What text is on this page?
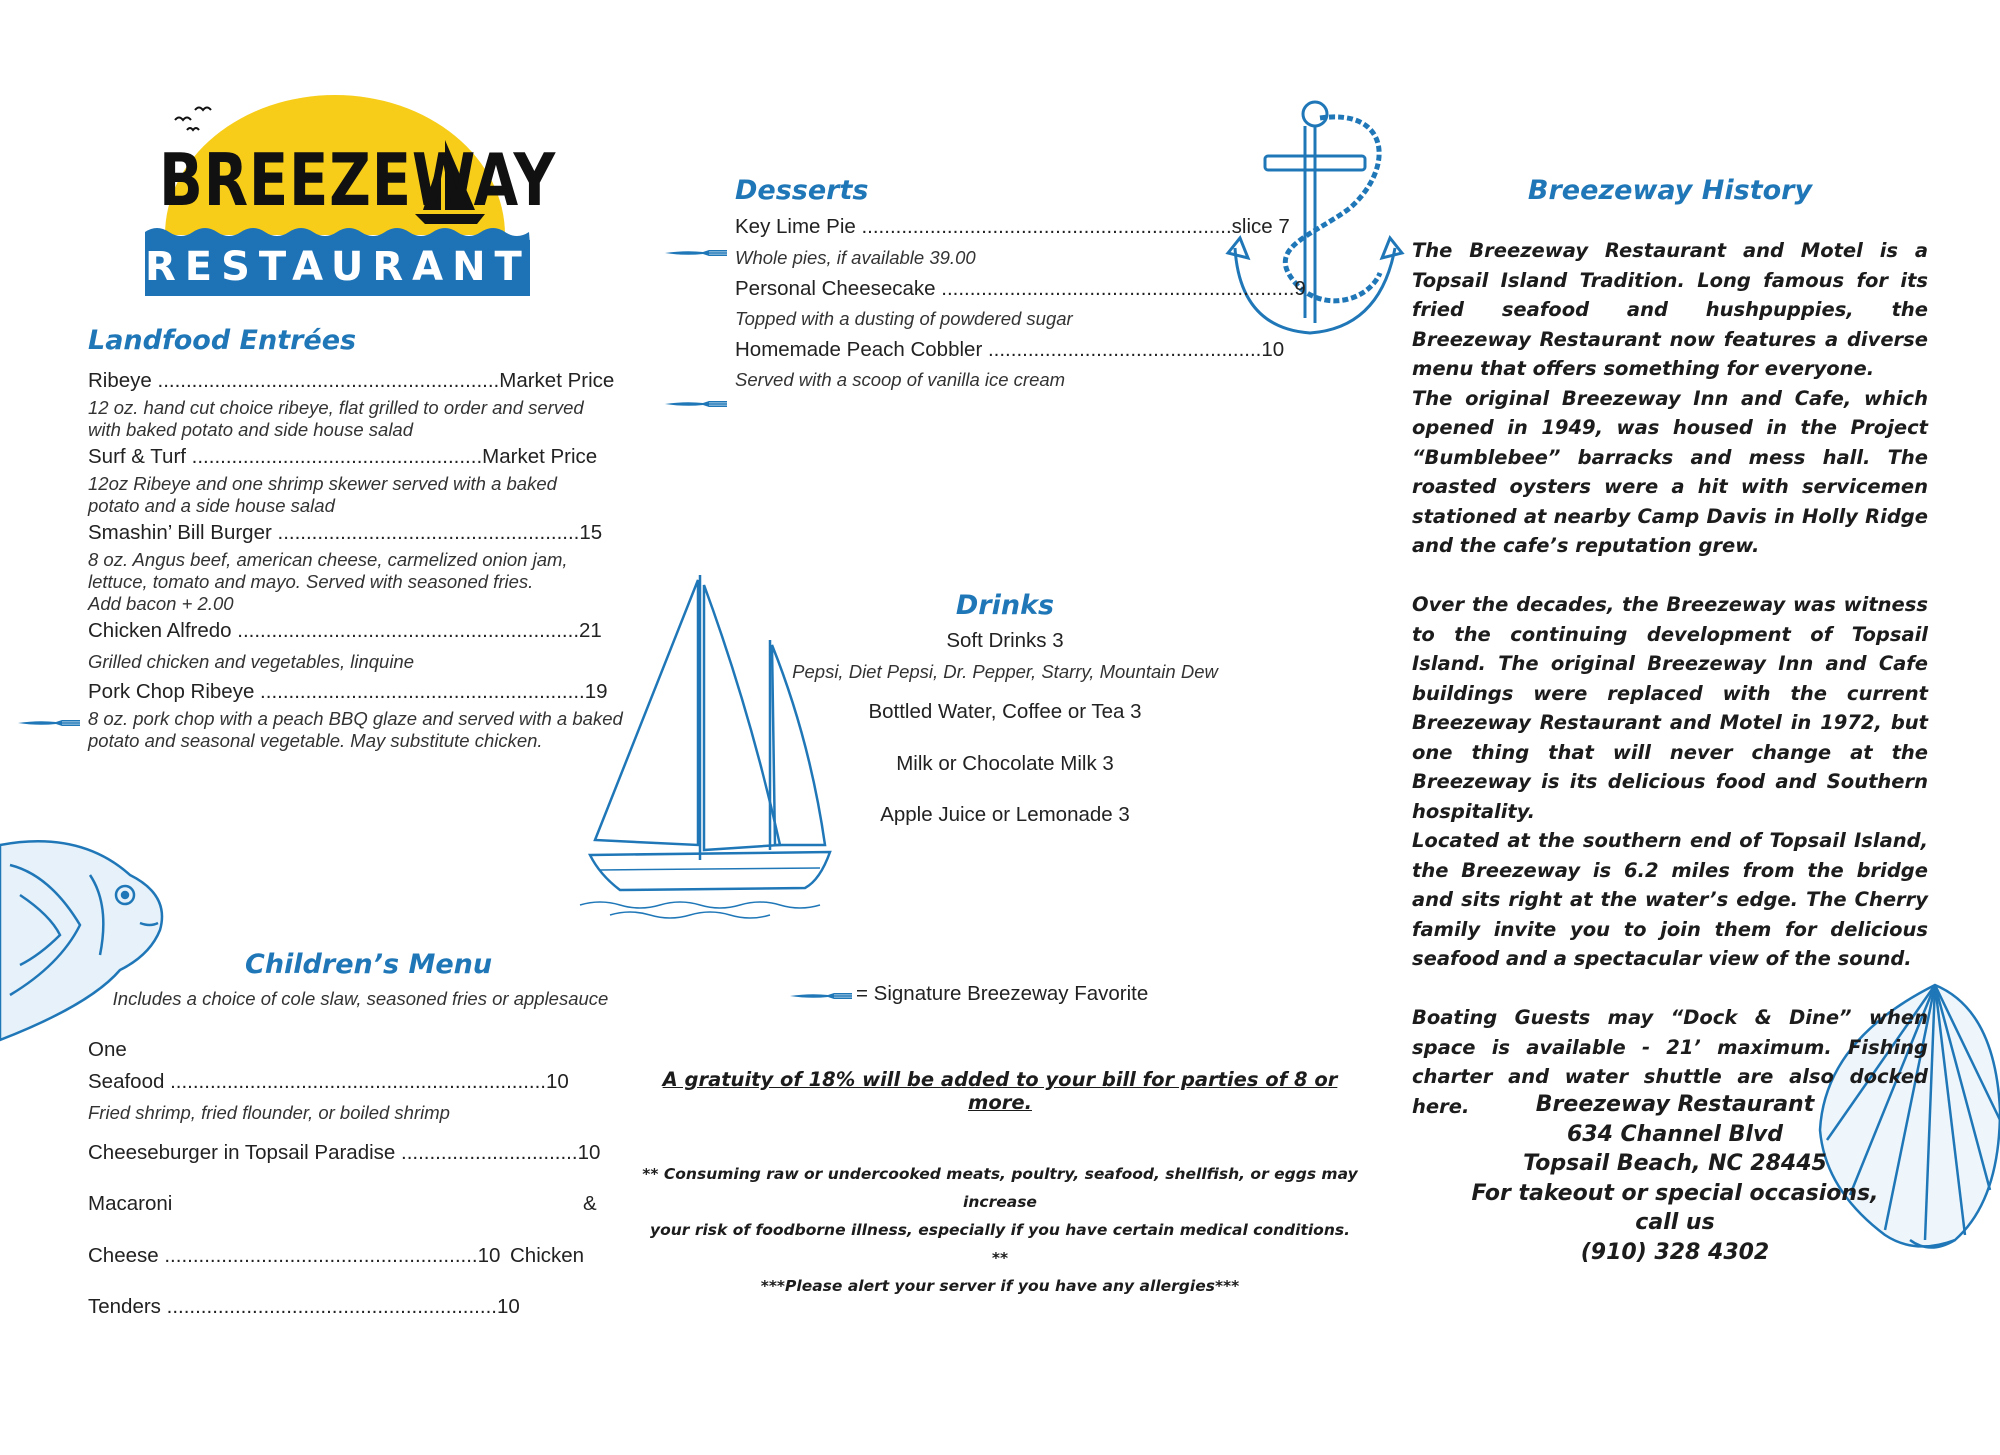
BREEZEWAY
RESTAURANT
Landfood Entrées
Ribeye ............................................................Market Price
12 oz. hand cut choice ribeye, flat grilled to order and served with baked potato and side house salad
Surf & Turf ...................................................Market Price
12oz Ribeye and one shrimp skewer served with a baked potato and a side house salad
Smashin’ Bill Burger .....................................................15
8 oz. Angus beef, american cheese, carmelized onion jam, lettuce, tomato and mayo. Served with seasoned fries.
Add bacon + 2.00
Chicken Alfredo ............................................................21
Grilled chicken and vegetables, linquine
Pork Chop Ribeye .........................................................19
8 oz. pork chop with a peach BBQ glaze and served with a baked potato and seasonal vegetable. May substitute chicken.
Children’s Menu
Includes a choice of cole slaw, seasoned fries or applesauce
One
Seafood ..................................................................10
Fried shrimp, fried flounder, or boiled shrimp
Cheeseburger in Topsail Paradise ...............................10
Macaroni	&
Cheese .......................................................10 Chicken
Tenders ..........................................................10
Desserts
Key Lime Pie .................................................................slice 7
Whole pies, if available 39.00
Personal Cheesecake ..............................................................9
Topped with a dusting of powdered sugar
Homemade Peach Cobbler ................................................10
Served with a scoop of vanilla ice cream
Drinks
Soft Drinks 3
Pepsi, Diet Pepsi, Dr. Pepper, Starry, Mountain Dew
Bottled Water, Coffee or Tea 3
Milk or Chocolate Milk 3
Apple Juice or Lemonade 3
= Signature Breezeway Favorite
A gratuity of 18% will be added to your bill for parties of 8 or more.
** Consuming raw or undercooked meats, poultry, seafood, shellfish, or eggs may increase
your risk of foodborne illness, especially if you have certain medical conditions. **
***Please alert your server if you have any allergies***
Breezeway History

The Breezeway Restaurant and Motel is a Topsail Island Tradition. Long famous for its fried seafood and hushpuppies, the Breezeway Restaurant now features a diverse menu that offers something for everyone.

The original Breezeway Inn and Cafe, which opened in 1949, was housed in the Project “Bumblebee” barracks and mess hall. The roasted oysters were a hit with servicemen stationed at nearby Camp Davis in Holly Ridge and the cafe’s reputation grew.

Over the decades, the Breezeway was witness to the continuing development of Topsail Island. The original Breezeway Inn and Cafe buildings were replaced with the current Breezeway Restaurant and Motel in 1972, but one thing that will never change at the Breezeway is its delicious food and Southern hospitality.

Located at the southern end of Topsail Island, the Breezeway is 6.2 miles from the bridge and sits right at the water’s edge. The Cherry family invite you to join them for delicious seafood and a spectacular view of the sound.

Boating Guests may “Dock & Dine” when space is available - 21’ maximum. Fishing charter and water shuttle are also docked here.	Breezeway Restaurant
634 Channel Blvd
Topsail Beach, NC 28445
For takeout or special occasions, call us
(910) 328 4302
